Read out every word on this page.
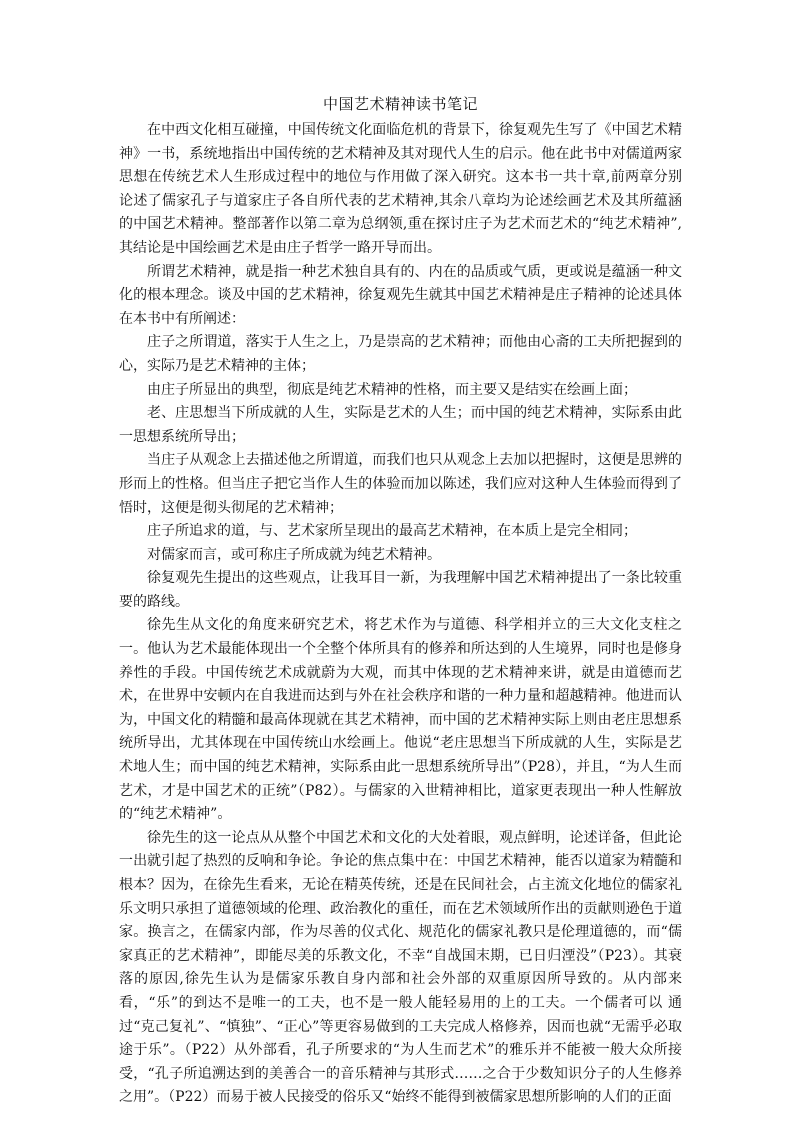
中国艺术精神读书笔记

在中西文化相互碰撞，中国传统文化面临危机的背景下，徐复观先生写了《中国艺术精神》一书，系统地指出中国传统的艺术精神及其对现代人生的启示。他在此书中对儒道两家思想在传统艺术人生形成过程中的地位与作用做了深入研究。这本书一共十章,前两章分别论述了儒家孔子与道家庄子各自所代表的艺术精神,其余八章均为论述绘画艺术及其所蕴涵的中国艺术精神。整部著作以第二章为总纲领,重在探讨庄子为艺术而艺术的“纯艺术精神”,其结论是中国绘画艺术是由庄子哲学一路开导而出。

所谓艺术精神，就是指一种艺术独自具有的、内在的品质或气质，更或说是蕴涵一种文化的根本理念。谈及中国的艺术精神，徐复观先生就其中国艺术精神是庄子精神的论述具体在本书中有所阐述：

庄子之所谓道，落实于人生之上，乃是崇高的艺术精神；而他由心斋的工夫所把握到的心，实际乃是艺术精神的主体；

由庄子所显出的典型，彻底是纯艺术精神的性格，而主要又是结实在绘画上面；

老、庄思想当下所成就的人生，实际是艺术的人生；而中国的纯艺术精神，实际系由此一思想系统所导出；

当庄子从观念上去描述他之所谓道，而我们也只从观念上去加以把握时，这便是思辨的形而上的性格。但当庄子把它当作人生的体验而加以陈述，我们应对这种人生体验而得到了悟时，这便是彻头彻尾的艺术精神；

庄子所追求的道，与、艺术家所呈现出的最高艺术精神，在本质上是完全相同；

对儒家而言，或可称庄子所成就为纯艺术精神。

徐复观先生提出的这些观点，让我耳目一新，为我理解中国艺术精神提出了一条比较重要的路线。

徐先生从文化的角度来研究艺术，将艺术作为与道德、科学相并立的三大文化支柱之一。他认为艺术最能体现出一个全整个体所具有的修养和所达到的人生境界，同时也是修身养性的手段。中国传统艺术成就蔚为大观，而其中体现的艺术精神来讲，就是由道德而艺术，在世界中安顿内在自我进而达到与外在社会秩序和谐的一种力量和超越精神。他进而认为，中国文化的精髓和最高体现就在其艺术精神，而中国的艺术精神实际上则由老庄思想系统所导出，尤其体现在中国传统山水绘画上。他说“老庄思想当下所成就的人生，实际是艺术地人生；而中国的纯艺术精神，实际系由此一思想系统所导出”（P28），并且，“为人生而艺术，才是中国艺术的正统”（P82）。与儒家的入世精神相比，道家更表现出一种人性解放的“纯艺术精神”。

徐先生的这一论点从从整个中国艺术和文化的大处着眼，观点鲜明，论述详备，但此论一出就引起了热烈的反响和争论。争论的焦点集中在：中国艺术精神，能否以道家为精髓和根本？因为，在徐先生看来，无论在精英传统，还是在民间社会，占主流文化地位的儒家礼乐文明只承担了道德领域的伦理、政治教化的重任，而在艺术领域所作出的贡献则逊色于道家。换言之，在儒家内部，作为尽善的仪式化、规范化的儒家礼教只是伦理道德的，而“儒家真正的艺术精神”，即能尽美的乐教文化，不幸“自战国末期，已日归湮没”（P23）。其衰落的原因,徐先生认为是儒家乐教自身内部和社会外部的双重原因所导致的。从内部来看，“乐”的到达不是唯一的工夫，也不是一般人能轻易用的上的工夫。一个儒者可以 通过“克己复礼”、“慎独”、“正心”等更容易做到的工夫完成人格修养，因而也就“无需乎必取途于乐”。（P22）从外部看，孔子所要求的“为人生而艺术”的雅乐并不能被一般大众所接受，“孔子所追溯达到的美善合一的音乐精神与其形式……之合于少数知识分子的人生修养之用”。（P22）而易于被人民接受的俗乐又“始终不能得到被儒家思想所影响的人们的正面
